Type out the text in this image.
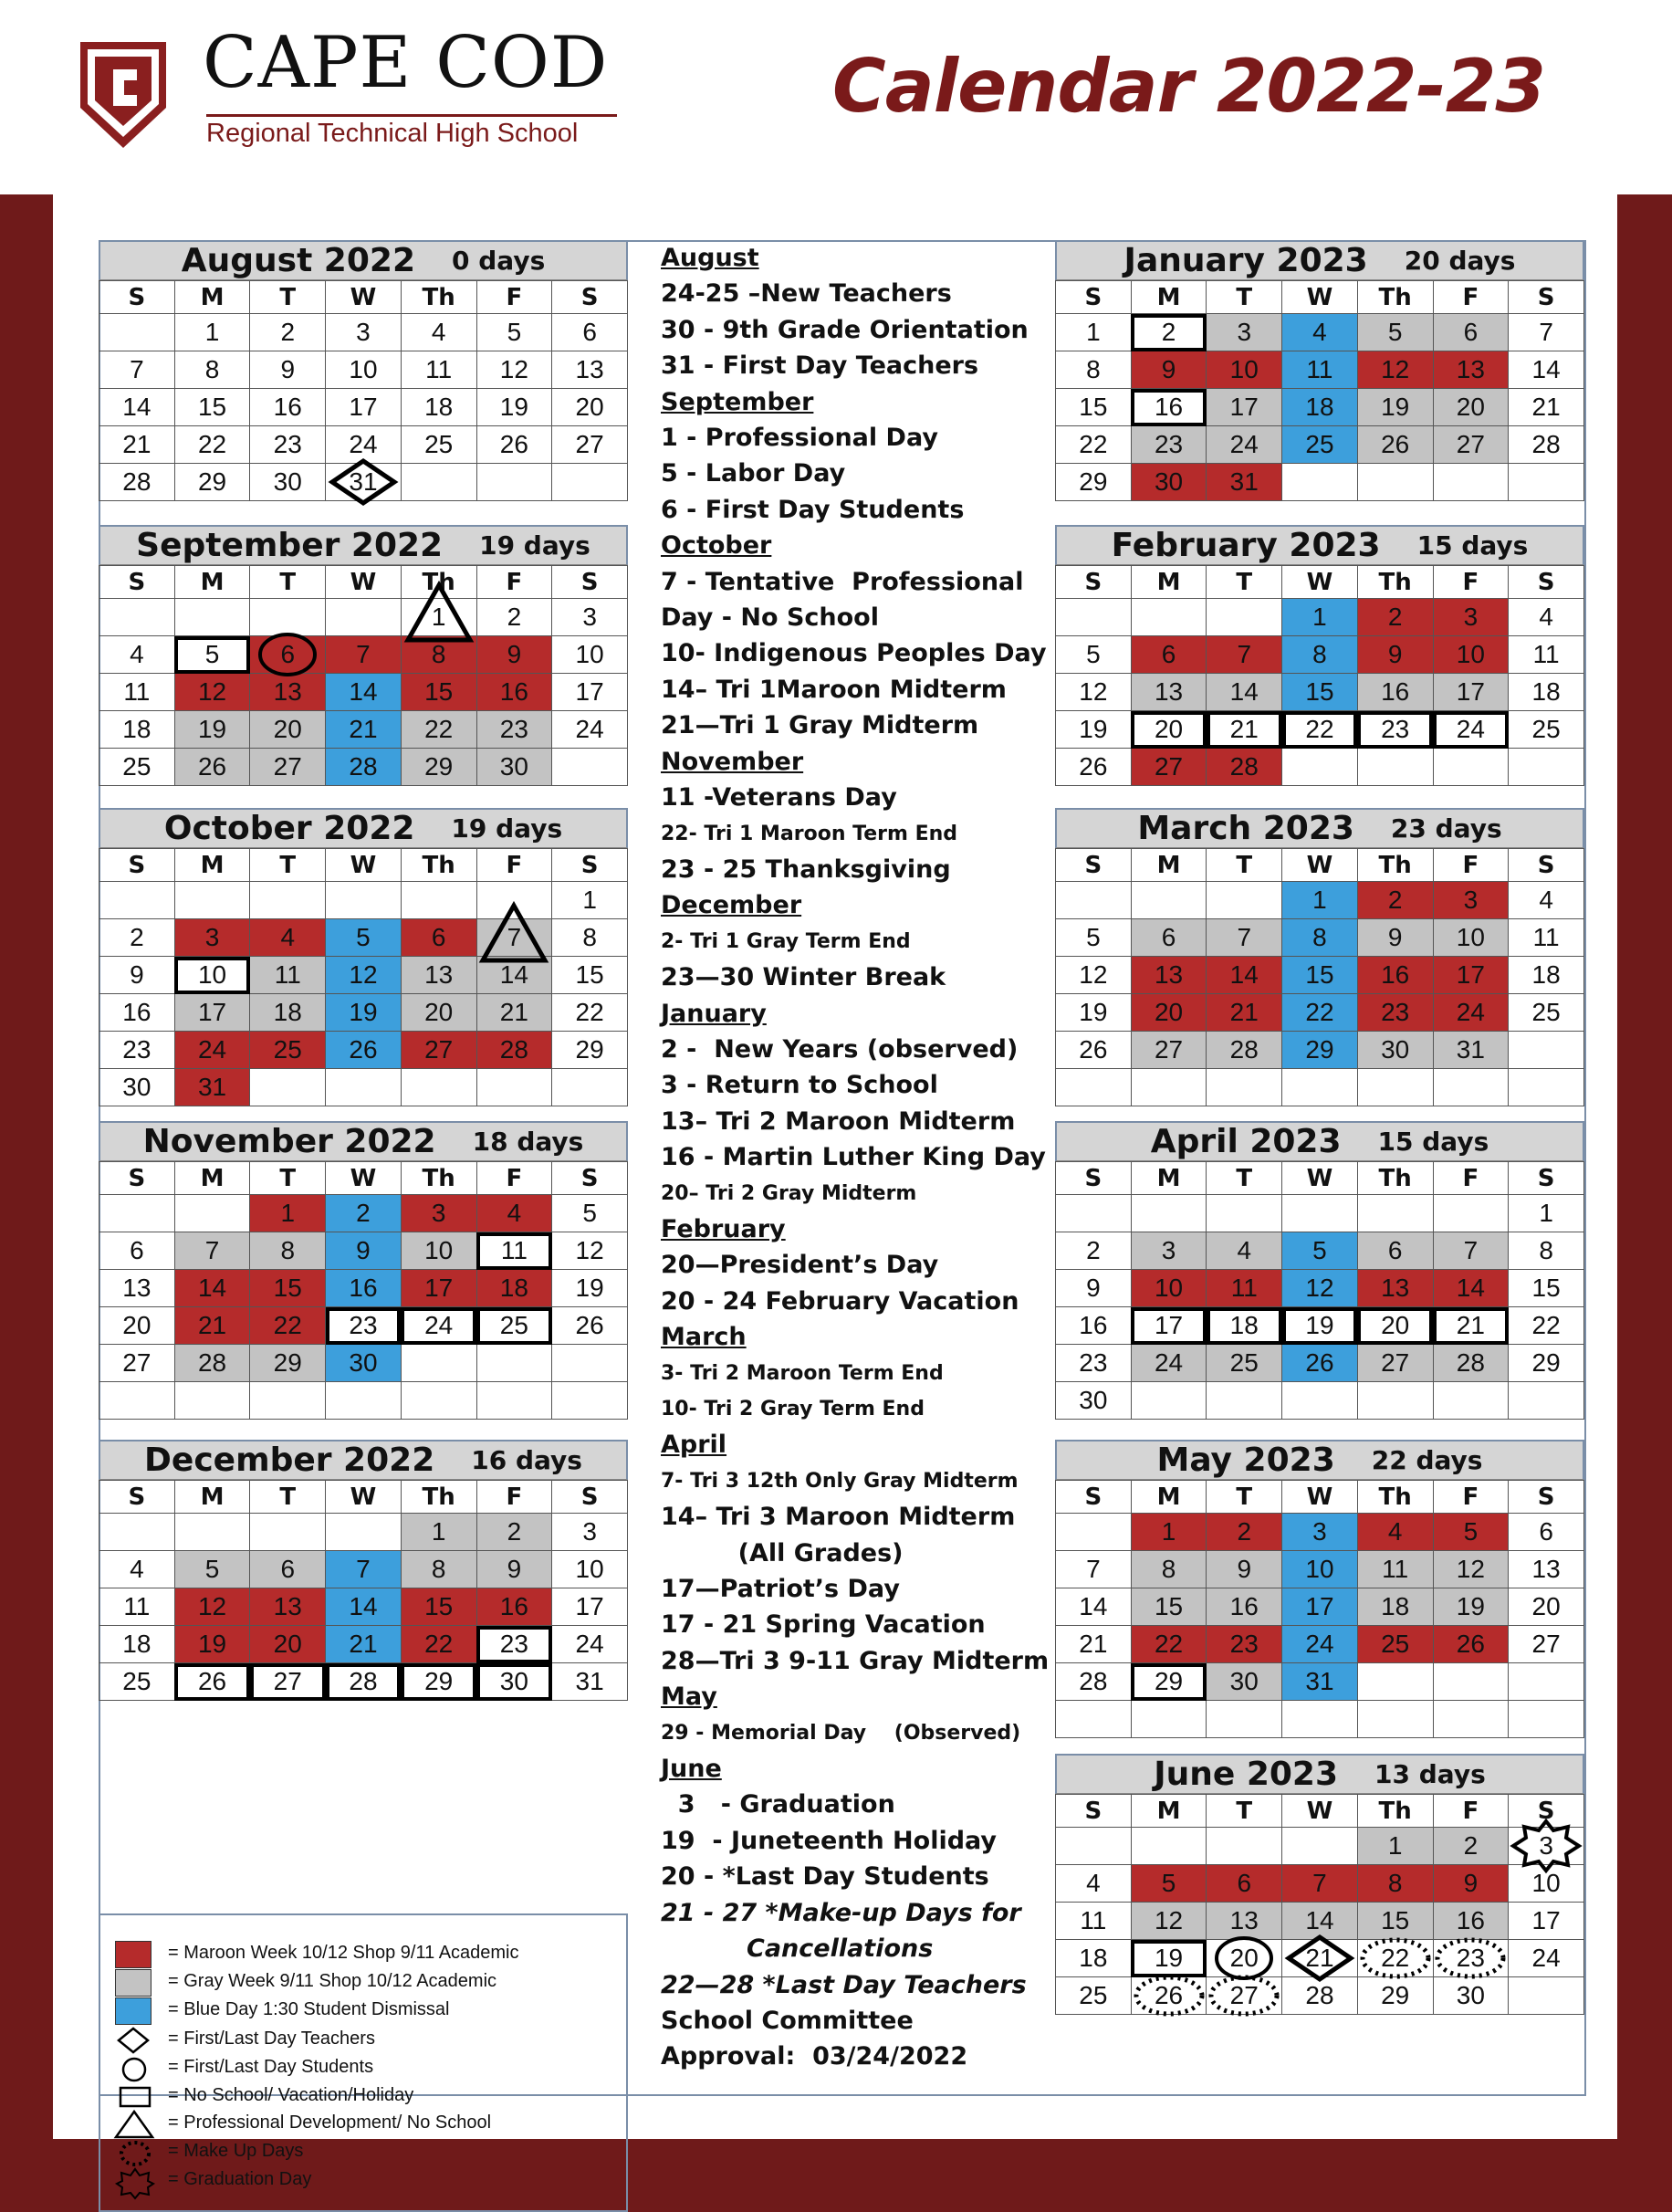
CAPE COD
Regional Technical High School
Calendar 2022-23
August 2022 0 days
S	M	T	W	Th	F	S
	1	2	3	4	5	6
7	8	9	10	11	12	13
14	15	16	17	18	19	20
21	22	23	24	25	26	27
28	29	30	31

September 2022 19 days
S	M	T	W	Th	F	S
				1	2	3
4	5	6	7	8	9	10
11	12	13	14	15	16	17
18	19	20	21	22	23	24
25	26	27	28	29	30	
October 2022 19 days
S	M	T	W	Th	F	S
						1
2	3	4	5	6	7	8
9	10	11	12	13	14	15
16	17	18	19	20	21	22
23	24	25	26	27	28	29
30	31					
November 2022 18 days
S	M	T	W	Th	F	S
		1	2	3	4	5
6	7	8	9	10	11	12
13	14	15	16	17	18	19
20	21	22	23	24	25	26
27	28	29	30			

December 2022 16 days
S	M	T	W	Th	F	S
				1	2	3
4	5	6	7	8	9	10
11	12	13	14	15	16	17
18	19	20	21	22	23	24
25	26	27	28	29	30	31
August
24-25 –New Teachers
30 - 9th Grade Orientation
31 - First Day Teachers
September
1 - Professional Day
5 - Labor Day
6 - First Day Students
October
7 - Tentative  Professional
Day - No School
10- Indigenous Peoples Day
14– Tri 1Maroon Midterm
21—Tri 1 Gray Midterm
November
11 -Veterans Day
22- Tri 1 Maroon Term End
23 - 25 Thanksgiving
December
2- Tri 1 Gray Term End
23—30 Winter Break
January
2 -  New Years (observed)
3 - Return to School
13– Tri 2 Maroon Midterm
16 - Martin Luther King Day
20– Tri 2 Gray Midterm
February
20—President’s Day
20 - 24 February Vacation
March
3- Tri 2 Maroon Term End
10- Tri 2 Gray Term End
April
7- Tri 3 12th Only Gray Midterm
14– Tri 3 Maroon Midterm
(All Grades)
17—Patriot’s Day
17 - 21 Spring Vacation
28—Tri 3 9-11 Gray Midterm
May
29 - Memorial Day    (Observed)
June
3   - Graduation
19  - Juneteenth Holiday
20 - *Last Day Students
21 - 27 *Make-up Days for
Cancellations
22—28 *Last Day Teachers
School Committee
Approval:  03/24/2022
January 2023 20 days
S	M	T	W	Th	F	S
1	2	3	4	5	6	7
8	9	10	11	12	13	14
15	16	17	18	19	20	21
22	23	24	25	26	27	28
29	30	31				
February 2023 15 days
S	M	T	W	Th	F	S
			1	2	3	4
5	6	7	8	9	10	11
12	13	14	15	16	17	18
19	20	21	22	23	24	25
26	27	28				
March 2023 23 days
S	M	T	W	Th	F	S
			1	2	3	4
5	6	7	8	9	10	11
12	13	14	15	16	17	18
19	20	21	22	23	24	25
26	27	28	29	30	31	

April 2023 15 days
S	M	T	W	Th	F	S
						1
2	3	4	5	6	7	8
9	10	11	12	13	14	15
16	17	18	19	20	21	22
23	24	25	26	27	28	29
30						
May 2023 22 days
S	M	T	W	Th	F	S
	1	2	3	4	5	6
7	8	9	10	11	12	13
14	15	16	17	18	19	20
21	22	23	24	25	26	27
28	29	30	31			

June 2023 13 days
S	M	T	W	Th	F	S
				1	2	3

4	5	6	7	8	9	10
11	12	13	14	15	16	17
18	19	20	21	22	23	24
25	26	27	28	29	30	
= Maroon Week 10/12 Shop 9/11 Academic
= Gray Week 9/11 Shop 10/12 Academic
= Blue Day 1:30 Student Dismissal
= First/Last Day Teachers
= First/Last Day Students
= No School/ Vacation/Holiday
= Professional Development/ No School
= Make Up Days
= Graduation Day
